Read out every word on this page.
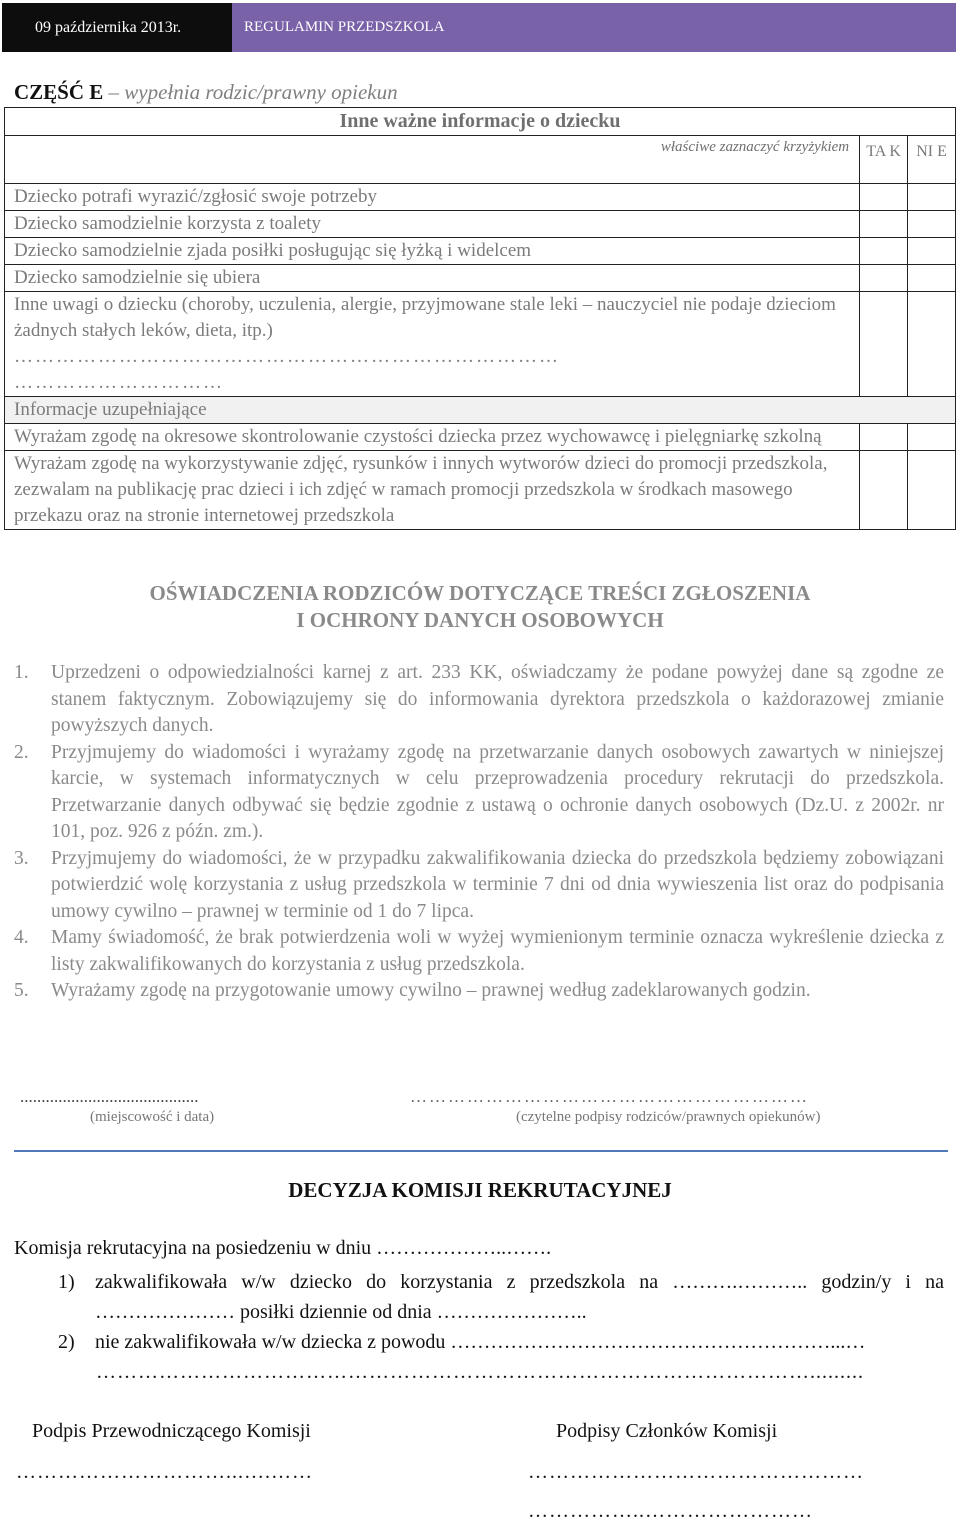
09 października 2013r.	REGULAMIN PRZEDSZKOLA
CZĘŚĆ E – wypełnia rodzic/prawny opiekun
Inne ważne informacje o dziecku		
właściwe zaznaczyć krzyżykiem	TA K	NI E
Dziecko potrafi wyrazić/zgłosić swoje potrzeby		
Dziecko samodzielnie korzysta z toalety		
Dziecko samodzielnie zjada posiłki posługując się łyżką i widelcem		
Dziecko samodzielnie się ubiera		

Inne uwagi o dziecku (choroby, uczulenia, alergie, przyjmowane stale leki – nauczyciel nie podaje dzieciom żadnych stałych leków, dieta, itp.)
……………………………………………………………………
…………………………		

Informacje uzupełniające		
Wyrażam zgodę na okresowe skontrolowanie czystości dziecka przez wychowawcę i pielęgniarkę szkolną		
Wyrażam zgodę na wykorzystywanie zdjęć, rysunków i innych wytworów dzieci do promocji przedszkola, zezwalam na publikację prac dzieci i ich zdjęć w ramach promocji przedszkola w środkach masowego przekazu oraz na stronie internetowej przedszkola		
OŚWIADCZENIA RODZICÓW DOTYCZĄCE TREŚCI ZGŁOSZENIA
I OCHRONY DANYCH OSOBOWYCH
1. Uprzedzeni o odpowiedzialności karnej z art. 233 KK, oświadczamy że podane powyżej dane są zgodne ze stanem faktycznym. Zobowiązujemy się do informowania dyrektora przedszkola o każdorazowej zmianie powyższych danych.
2. Przyjmujemy do wiadomości i wyrażamy zgodę na przetwarzanie danych osobowych zawartych w niniejszej karcie, w systemach informatycznych w celu przeprowadzenia procedury rekrutacji do przedszkola. Przetwarzanie danych odbywać się będzie zgodnie z ustawą o ochronie danych osobowych (Dz.U. z 2002r. nr 101, poz. 926 z późn. zm.).
3. Przyjmujemy do wiadomości, że w przypadku zakwalifikowania dziecka do przedszkola będziemy zobowiązani potwierdzić wolę korzystania z usług przedszkola w terminie 7 dni od dnia wywieszenia list oraz do podpisania umowy cywilno – prawnej w terminie od 1 do 7 lipca.
4. Mamy świadomość, że brak potwierdzenia woli w wyżej wymienionym terminie oznacza wykreślenie dziecka z listy zakwalifikowanych do korzystania z usług przedszkola.
5. Wyrażamy zgodę na przygotowanie umowy cywilno – prawnej według zadeklarowanych godzin.
..........................................	………………………………………………………
(miejscowość i data)	(czytelne podpisy rodziców/prawnych opiekunów)
DECYZJA KOMISJI REKRUTACYJNEJ
Komisja rekrutacyjna na posiedzeniu w dniu ………………..…….
1) zakwalifikowała w/w dziecko do korzystania z przedszkola na ……….……….. godzin/y i na ………………… posiłki dziennie od dnia …………………..
2) nie zakwalifikowała w/w dziecka z powodu …………………………………………………...…
………………………………………………………………………………………….........
Podpis Przewodniczącego Komisji
…………………………...….……
Podpisy Członków Komisji
…………………………………………
……………..……………………
